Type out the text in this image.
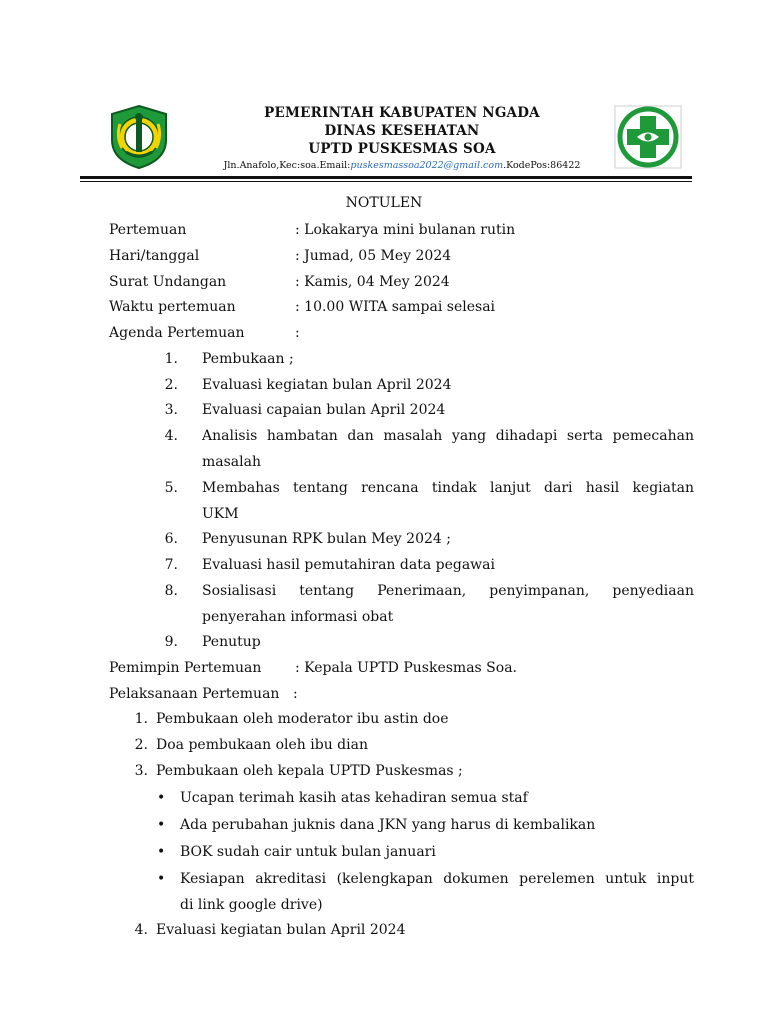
PEMERINTAH KABUPATEN NGADA
DINAS KESEHATAN
UPTD PUSKESMAS SOA
Jln.Anafolo,Kec:soa.Email:puskesmassoa2022@gmail.com.KodePos:86422
NOTULEN
Pertemuan	: Lokakarya mini bulanan rutin
Hari/tanggal	: Jumad, 05 Mey 2024
Surat Undangan	: Kamis, 04 Mey 2024
Waktu pertemuan	: 10.00 WITA sampai selesai
Agenda Pertemuan	:
1. Pembukaan ;
2. Evaluasi kegiatan bulan April 2024
3. Evaluasi capaian bulan April 2024
4. Analisis hambatan dan masalah yang dihadapi serta pemecahan
masalah
5. Membahas tentang rencana tindak lanjut dari hasil kegiatan
UKM
6. Penyusunan RPK bulan Mey 2024 ;
7. Evaluasi hasil pemutahiran data pegawai
8. Sosialisasi tentang Penerimaan, penyimpanan, penyediaan
penyerahan informasi obat
9. Penutup
Pemimpin Pertemuan : Kepala UPTD Puskesmas Soa.
Pelaksanaan Pertemuan :
1. Pembukaan oleh moderator ibu astin doe
2. Doa pembukaan oleh ibu dian
3. Pembukaan oleh kepala UPTD Puskesmas ;
• Ucapan terimah kasih atas kehadiran semua staf
• Ada perubahan juknis dana JKN yang harus di kembalikan
• BOK sudah cair untuk bulan januari
• Kesiapan akreditasi (kelengkapan dokumen perelemen untuk input
di link google drive)
4. Evaluasi kegiatan bulan April 2024
